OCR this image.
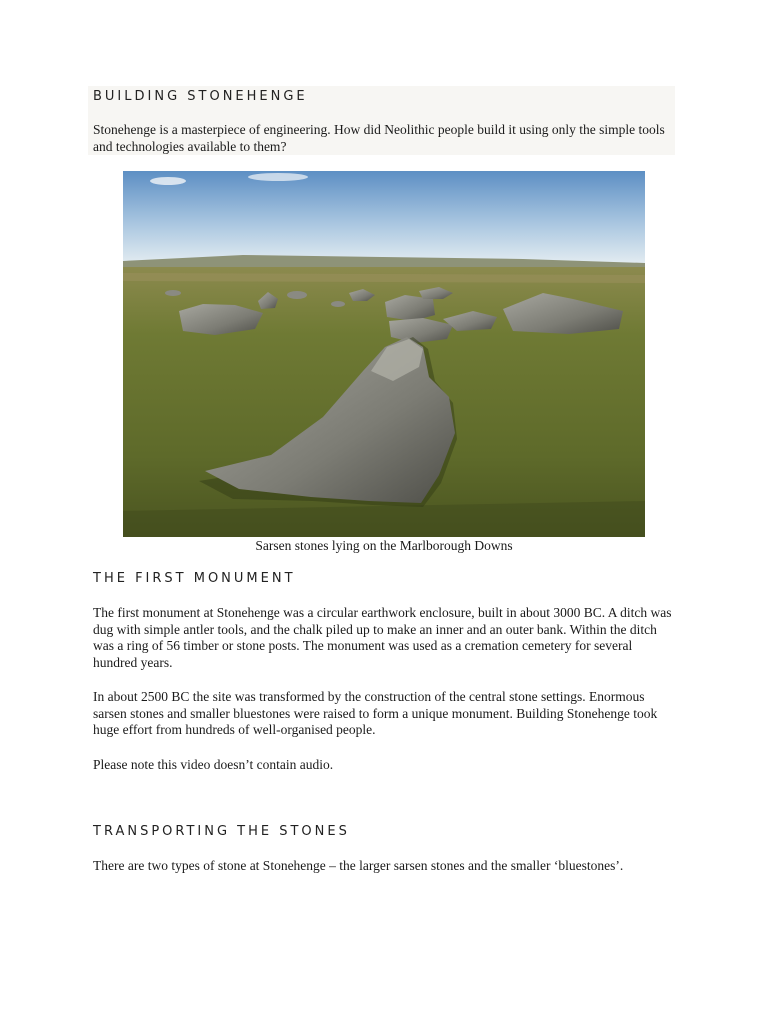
BUILDING STONEHENGE

Stonehenge is a masterpiece of engineering. How did Neolithic people build it using only the simple tools and technologies available to them?

Sarsen stones lying on the Marlborough Downs

THE FIRST MONUMENT

The first monument at Stonehenge was a circular earthwork enclosure, built in about 3000 BC. A ditch was dug with simple antler tools, and the chalk piled up to make an inner and an outer bank. Within the ditch was a ring of 56 timber or stone posts. The monument was used as a cremation cemetery for several hundred years.

In about 2500 BC the site was transformed by the construction of the central stone settings. Enormous sarsen stones and smaller bluestones were raised to form a unique monument. Building Stonehenge took huge effort from hundreds of well-organised people.

Please note this video doesn’t contain audio.

TRANSPORTING THE STONES

There are two types of stone at Stonehenge – the larger sarsen stones and the smaller ‘bluestones’.
